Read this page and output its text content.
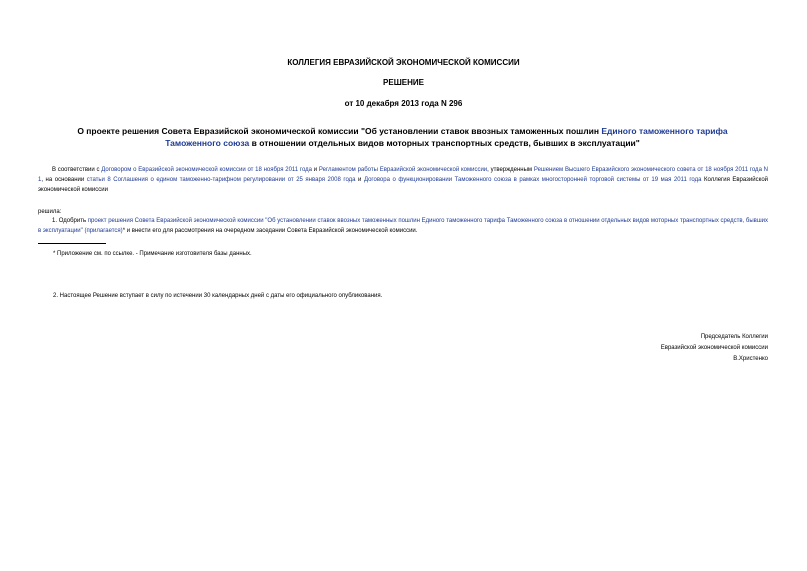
КОЛЛЕГИЯ ЕВРАЗИЙСКОЙ ЭКОНОМИЧЕСКОЙ КОМИССИИ
РЕШЕНИЕ
от 10 декабря 2013 года N 296
О проекте решения Совета Евразийской экономической комиссии "Об установлении ставок ввозных таможенных пошлин Единого таможенного тарифа Таможенного союза в отношении отдельных видов моторных транспортных средств, бывших в эксплуатации"
В соответствии с Договором о Евразийской экономической комиссии от 18 ноября 2011 года и Регламентом работы Евразийской экономической комиссии, утвержденным Решением Высшего Евразийского экономического совета от 18 ноября 2011 года N 1, на основании статьи 8 Соглашения о едином таможенно-тарифном регулировании от 25 января 2008 года и Договора о функционировании Таможенного союза в рамках многосторонней торговой системы от 19 мая 2011 года Коллегия Евразийской экономической комиссии
решила:
1. Одобрить проект решения Совета Евразийской экономической комиссии "Об установлении ставок ввозных таможенных пошлин Единого таможенного тарифа Таможенного союза в отношении отдельных видов моторных транспортных средств, бывших в эксплуатации" (прилагается)* и внести его для рассмотрения на очередном заседании Совета Евразийской экономической комиссии.
* Приложение см. по ссылке. - Примечание изготовителя базы данных.
2. Настоящее Решение вступает в силу по истечении 30 календарных дней с даты его официального опубликования.
Председатель Коллегии
Евразийской экономической комиссии
В.Христенко
